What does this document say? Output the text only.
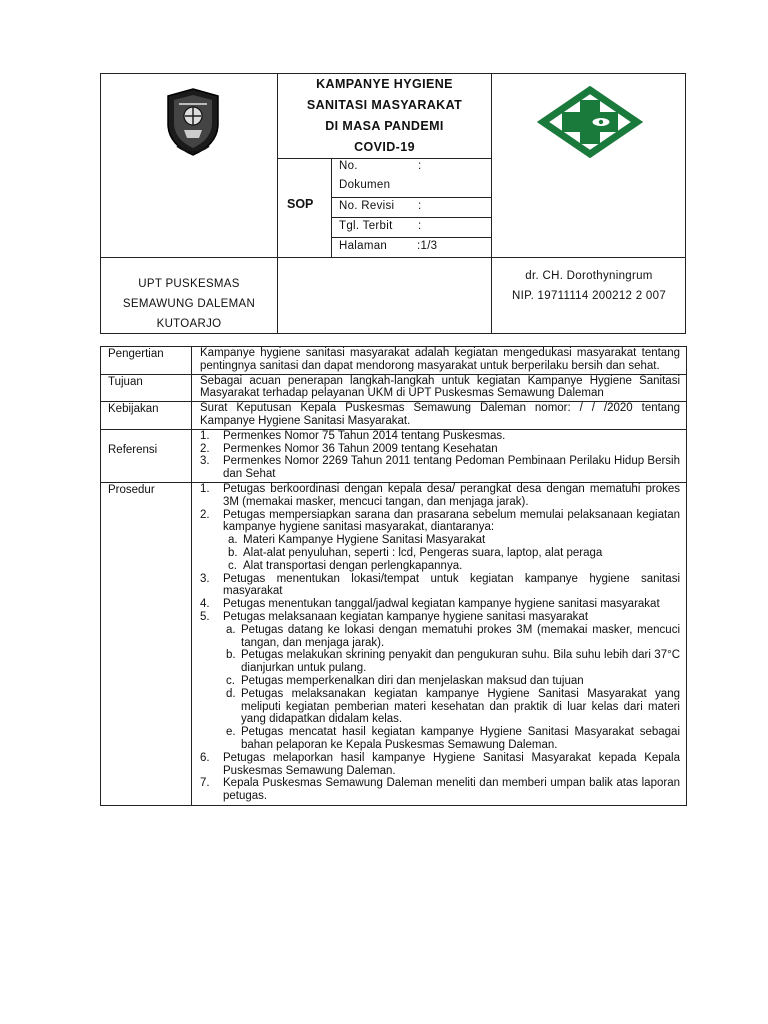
KAMPANYE HYGIENE
SANITASI MASYARAKAT
DI MASA PANDEMI
COVID-19
SOP
No.	:
Dokumen
No. Revisi :
Tgl. Terbit :
Halaman	:1/3
UPT PUSKESMAS
SEMAWUNG DALEMAN
KUTOARJO
dr. CH. Dorothyningrum
NIP. 19711114 200212 2 007
Pengertian	Kampanye hygiene sanitasi masyarakat adalah kegiatan mengedukasi masyarakat tentang pentingnya sanitasi dan dapat mendorong masyarakat untuk berperilaku bersih dan sehat.

Tujuan	Sebagai acuan penerapan langkah-langkah untuk kegiatan Kampanye Hygiene Sanitasi Masyarakat terhadap pelayanan UKM di UPT Puskesmas Semawung Daleman

Kebijakan	Surat Keputusan Kepala Puskesmas Semawung Daleman nomor: / / /2020 tentang Kampanye Hygiene Sanitasi Masyarakat.

Referensi
1. Permenkes Nomor 75 Tahun 2014 tentang Puskesmas.
2. Permenkes Nomor 36 Tahun 2009 tentang Kesehatan
3. Permenkes Nomor 2269 Tahun 2011 tentang Pedoman Pembinaan Perilaku Hidup Bersih dan Sehat
Prosedur	1. Petugas berkoordinasi dengan kepala desa/ perangkat desa dengan mematuhi prokes 3M (memakai masker, mencuci tangan, dan menjaga jarak).
2. Petugas mempersiapkan sarana dan prasarana sebelum memulai pelaksanaan kegiatan kampanye hygiene sanitasi masyarakat, diantaranya:
a. Materi Kampanye Hygiene Sanitasi Masyarakat
b. Alat-alat penyuluhan, seperti : lcd, Pengeras suara, laptop, alat peraga
c. Alat transportasi dengan perlengkapannya.
3. Petugas menentukan lokasi/tempat untuk kegiatan kampanye hygiene sanitasi masyarakat
4. Petugas menentukan tanggal/jadwal kegiatan kampanye hygiene sanitasi masyarakat
5. Petugas melaksanaan kegiatan kampanye hygiene sanitasi masyarakat
a. Petugas datang ke lokasi dengan mematuhi prokes 3M (memakai masker, mencuci tangan, dan menjaga jarak).
b. Petugas melakukan skrining penyakit dan pengukuran suhu. Bila suhu lebih dari 37°C dianjurkan untuk pulang.
c. Petugas memperkenalkan diri dan menjelaskan maksud dan tujuan
d. Petugas melaksanakan kegiatan kampanye Hygiene Sanitasi Masyarakat yang meliputi kegiatan pemberian materi kesehatan dan praktik di luar kelas dari materi yang didapatkan didalam kelas.
e. Petugas mencatat hasil kegiatan kampanye Hygiene Sanitasi Masyarakat sebagai bahan pelaporan ke Kepala Puskesmas Semawung Daleman.
6. Petugas melaporkan hasil kampanye Hygiene Sanitasi Masyarakat kepada Kepala Puskesmas Semawung Daleman.
7. Kepala Puskesmas Semawung Daleman meneliti dan memberi umpan balik atas laporan petugas.
